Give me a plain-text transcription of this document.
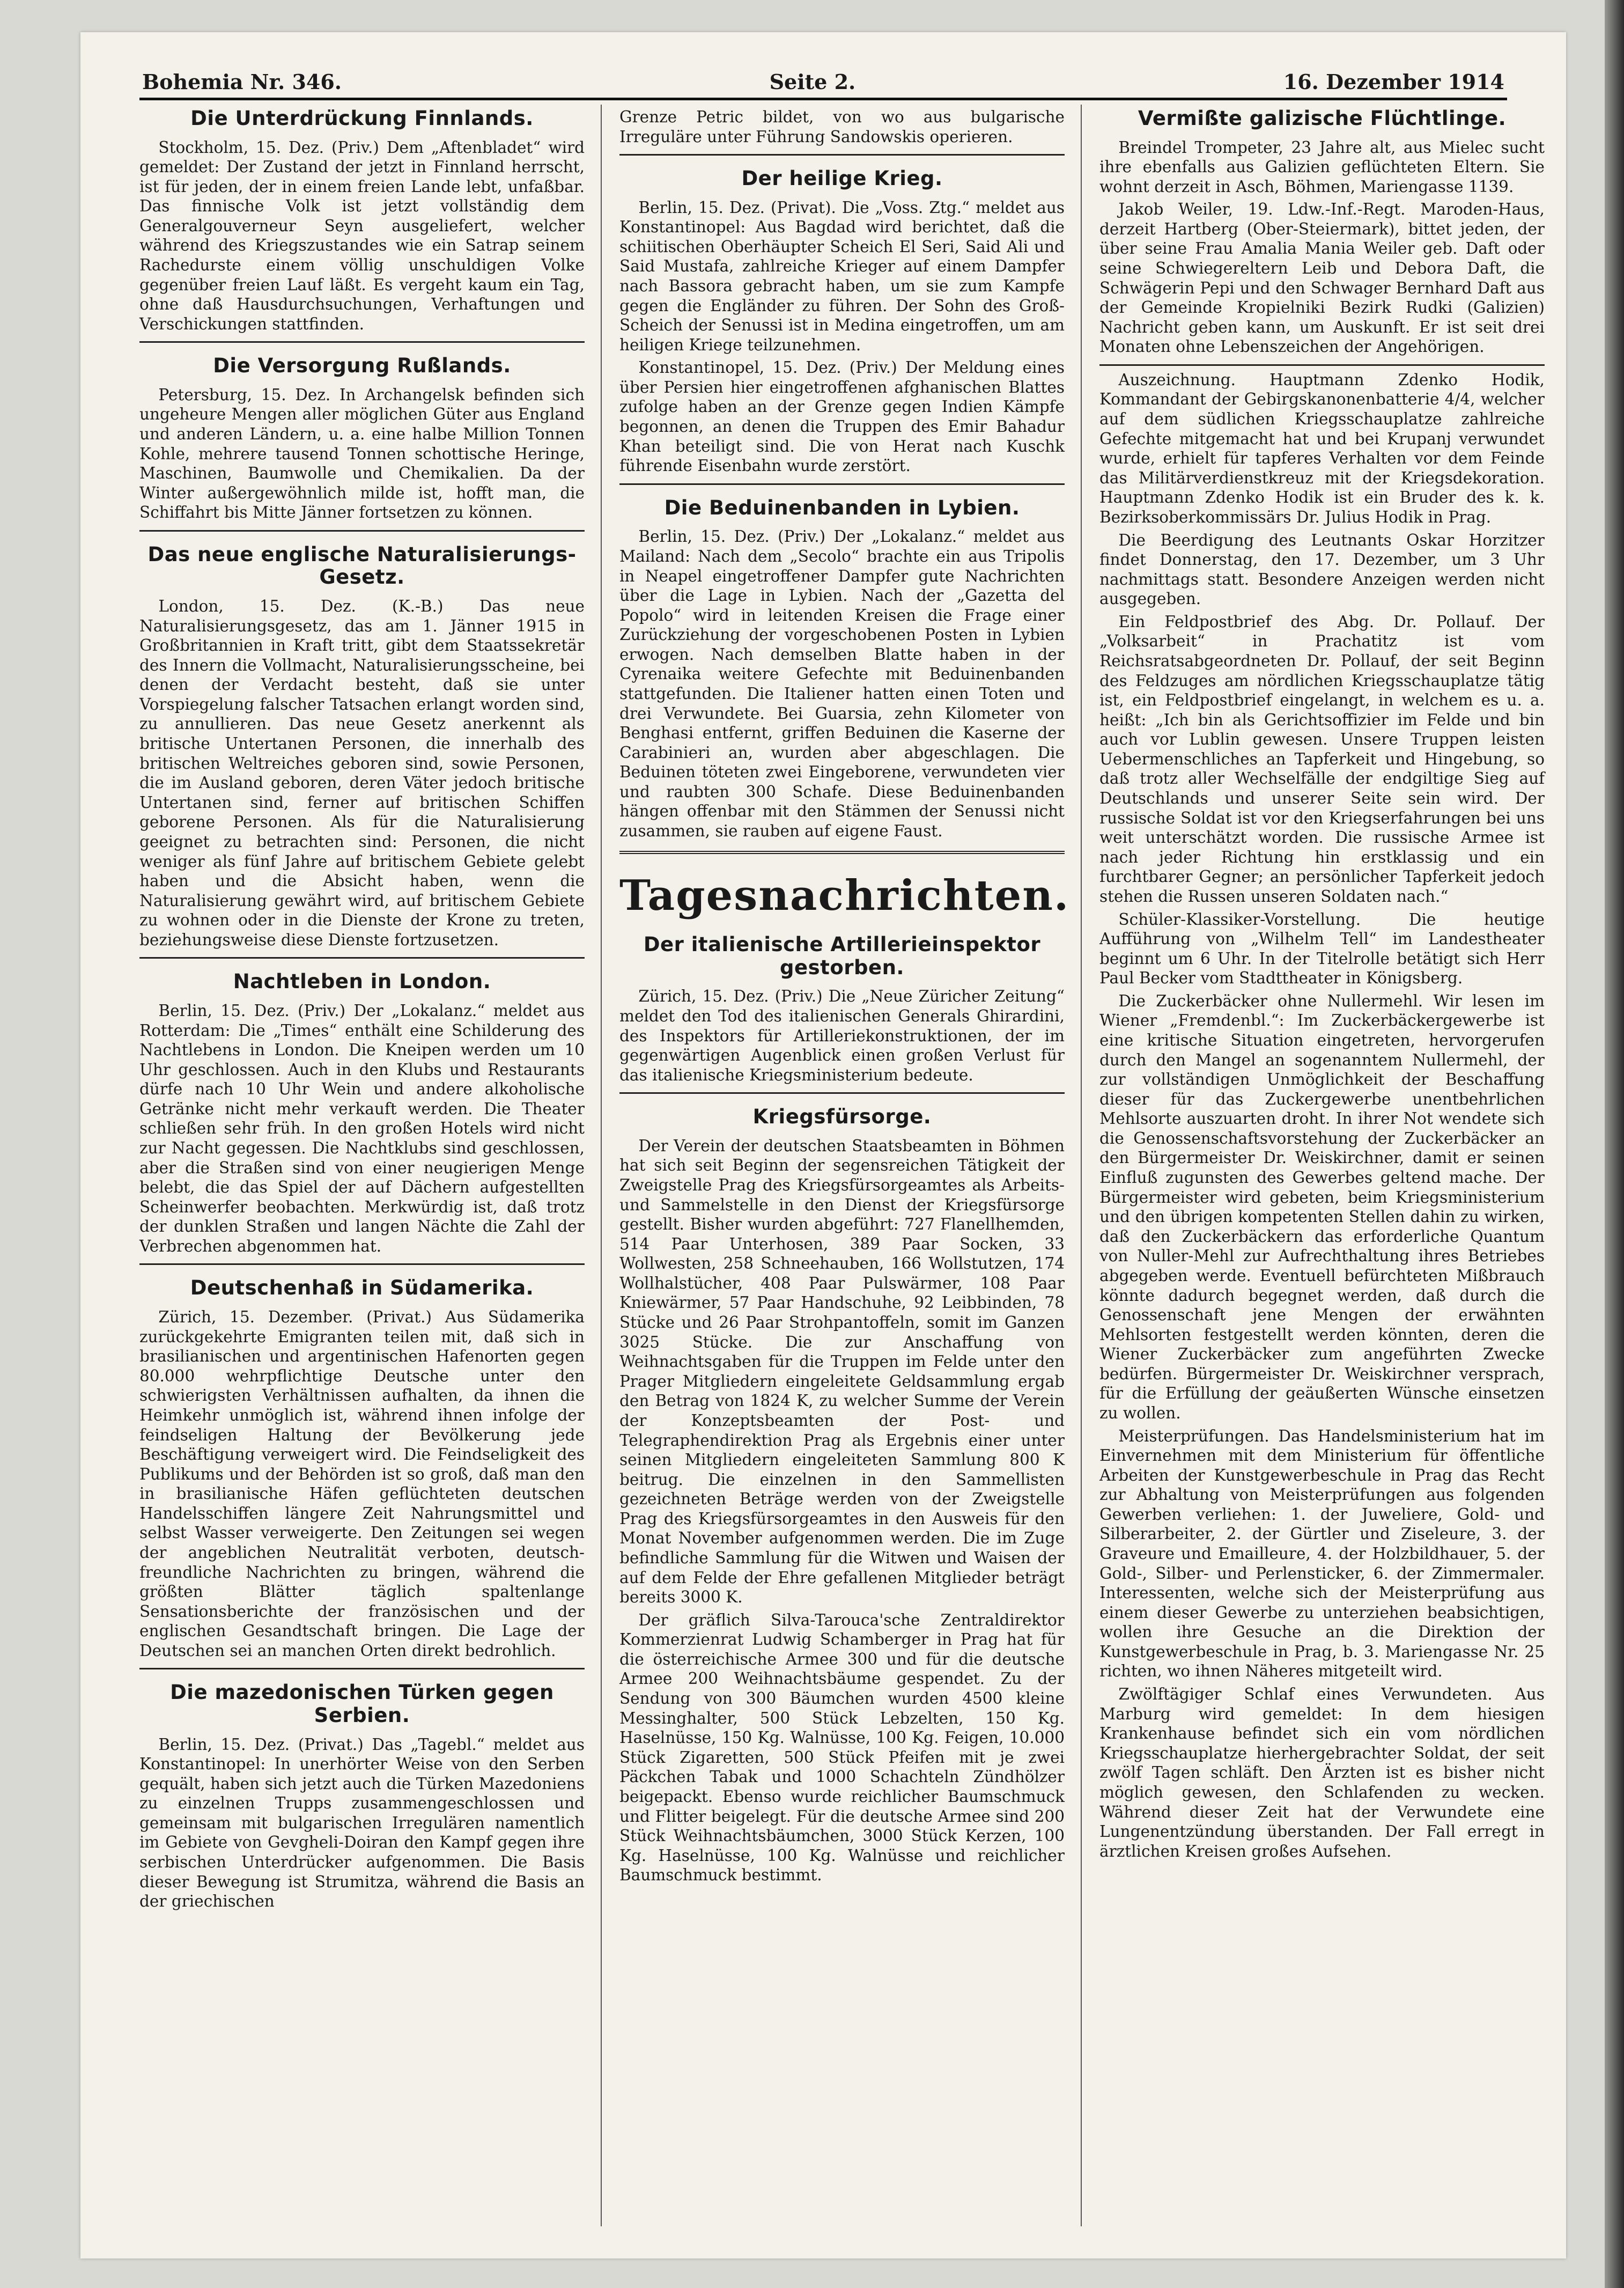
Bohemia Nr. 346.	Seite 2.	16. Dezember 1914
Die Unterdrückung Finnlands.

Stockholm, 15. Dez. (Priv.) Dem „Aftenbladet“ wird gemeldet: Der Zustand der jetzt in Finnland herrscht, ist für jeden, der in einem freien Lande lebt, unfaßbar. Das finnische Volk ist jetzt vollständig dem Generalgouverneur Seyn ausgeliefert, welcher während des Kriegszustandes wie ein Satrap seinem Rachedurste einem völlig unschuldigen Volke gegenüber freien Lauf läßt. Es vergeht kaum ein Tag, ohne daß Hausdurchsuchungen, Verhaftungen und Verschickungen stattfinden.

Die Versorgung Rußlands.

Petersburg, 15. Dez. In Archangelsk befinden sich ungeheure Mengen aller möglichen Güter aus England und anderen Ländern, u. a. eine halbe Million Tonnen Kohle, mehrere tausend Tonnen schottische Heringe, Maschinen, Baumwolle und Chemikalien. Da der Winter außergewöhnlich milde ist, hofft man, die Schiffahrt bis Mitte Jänner fortsetzen zu können.

Das neue englische Naturalisierungs-Gesetz.

London, 15. Dez. (K.-B.) Das neue Naturalisierungsgesetz, das am 1. Jänner 1915 in Großbritannien in Kraft tritt, gibt dem Staatssekretär des Innern die Vollmacht, Naturalisierungsscheine, bei denen der Verdacht besteht, daß sie unter Vorspiegelung falscher Tatsachen erlangt worden sind, zu annullieren. Das neue Gesetz anerkennt als britische Untertanen Personen, die innerhalb des britischen Weltreiches geboren sind, sowie Personen, die im Ausland geboren, deren Väter jedoch britische Untertanen sind, ferner auf britischen Schiffen geborene Personen. Als für die Naturalisierung geeignet zu betrachten sind: Personen, die nicht weniger als fünf Jahre auf britischem Gebiete gelebt haben und die Absicht haben, wenn die Naturalisierung gewährt wird, auf britischem Gebiete zu wohnen oder in die Dienste der Krone zu treten, beziehungsweise diese Dienste fortzusetzen.

Nachtleben in London.

Berlin, 15. Dez. (Priv.) Der „Lokalanz.“ meldet aus Rotterdam: Die „Times“ enthält eine Schilderung des Nachtlebens in London. Die Kneipen werden um 10 Uhr geschlossen. Auch in den Klubs und Restaurants dürfe nach 10 Uhr Wein und andere alkoholische Getränke nicht mehr verkauft werden. Die Theater schließen sehr früh. In den großen Hotels wird nicht zur Nacht gegessen. Die Nachtklubs sind geschlossen, aber die Straßen sind von einer neugierigen Menge belebt, die das Spiel der auf Dächern aufgestellten Scheinwerfer beobachten. Merkwürdig ist, daß trotz der dunklen Straßen und langen Nächte die Zahl der Verbrechen abgenommen hat.

Deutschenhaß in Südamerika.

Zürich, 15. Dezember. (Privat.) Aus Südamerika zurückgekehrte Emigranten teilen mit, daß sich in brasilianischen und argentinischen Hafenorten gegen 80.000 wehrpflichtige Deutsche unter den schwierigsten Verhältnissen aufhalten, da ihnen die Heimkehr unmöglich ist, während ihnen infolge der feindseligen Haltung der Bevölkerung jede Beschäftigung verweigert wird. Die Feindseligkeit des Publikums und der Behörden ist so groß, daß man den in brasilianische Häfen geflüchteten deutschen Handelsschiffen längere Zeit Nahrungsmittel und selbst Wasser verweigerte. Den Zeitungen sei wegen der angeblichen Neutralität verboten, deutsch-freundliche Nachrichten zu bringen, während die größten Blätter täglich spaltenlange Sensationsberichte der französischen und der englischen Gesandtschaft bringen. Die Lage der Deutschen sei an manchen Orten direkt bedrohlich.

Die mazedonischen Türken gegen Serbien.

Berlin, 15. Dez. (Privat.) Das „Tagebl.“ meldet aus Konstantinopel: In unerhörter Weise von den Serben gequält, haben sich jetzt auch die Türken Mazedoniens zu einzelnen Trupps zusammengeschlossen und gemeinsam mit bulgarischen Irregulären namentlich im Gebiete von Gevgheli-Doiran den Kampf gegen ihre serbischen Unterdrücker aufgenommen. Die Basis dieser Bewegung ist Strumitza, während die Basis an der griechischen

Grenze Petric bildet, von wo aus bulgarische Irreguläre unter Führung Sandowskis operieren.

Der heilige Krieg.

Berlin, 15. Dez. (Privat). Die „Voss. Ztg.“ meldet aus Konstantinopel: Aus Bagdad wird berichtet, daß die schiitischen Oberhäupter Scheich El Seri, Said Ali und Said Mustafa, zahlreiche Krieger auf einem Dampfer nach Bassora gebracht haben, um sie zum Kampfe gegen die Engländer zu führen. Der Sohn des Groß-Scheich der Senussi ist in Medina eingetroffen, um am heiligen Kriege teilzunehmen.

Konstantinopel, 15. Dez. (Priv.) Der Meldung eines über Persien hier eingetroffenen afghanischen Blattes zufolge haben an der Grenze gegen Indien Kämpfe begonnen, an denen die Truppen des Emir Bahadur Khan beteiligt sind. Die von Herat nach Kuschk führende Eisenbahn wurde zerstört.

Die Beduinenbanden in Lybien.

Berlin, 15. Dez. (Priv.) Der „Lokalanz.“ meldet aus Mailand: Nach dem „Secolo“ brachte ein aus Tripolis in Neapel eingetroffener Dampfer gute Nachrichten über die Lage in Lybien. Nach der „Gazetta del Popolo“ wird in leitenden Kreisen die Frage einer Zurückziehung der vorgeschobenen Posten in Lybien erwogen. Nach demselben Blatte haben in der Cyrenaika weitere Gefechte mit Beduinenbanden stattgefunden. Die Italiener hatten einen Toten und drei Verwundete. Bei Guarsia, zehn Kilometer von Benghasi entfernt, griffen Beduinen die Kaserne der Carabinieri an, wurden aber abgeschlagen. Die Beduinen töteten zwei Eingeborene, verwundeten vier und raubten 300 Schafe. Diese Beduinenbanden hängen offenbar mit den Stämmen der Senussi nicht zusammen, sie rauben auf eigene Faust.

Tagesnachrichten.
Der italienische Artillerieinspektor gestorben.

Zürich, 15. Dez. (Priv.) Die „Neue Züricher Zeitung“ meldet den Tod des italienischen Generals Ghirardini, des Inspektors für Artilleriekonstruktionen, der im gegenwärtigen Augenblick einen großen Verlust für das italienische Kriegsministerium bedeute.

Kriegsfürsorge.

Der Verein der deutschen Staatsbeamten in Böhmen hat sich seit Beginn der segensreichen Tätigkeit der Zweigstelle Prag des Kriegsfürsorgeamtes als Arbeits- und Sammelstelle in den Dienst der Kriegsfürsorge gestellt. Bisher wurden abgeführt: 727 Flanellhemden, 514 Paar Unterhosen, 389 Paar Socken, 33 Wollwesten, 258 Schneehauben, 166 Wollstutzen, 174 Wollhalstücher, 408 Paar Pulswärmer, 108 Paar Kniewärmer, 57 Paar Handschuhe, 92 Leibbinden, 78 Stücke und 26 Paar Strohpantoffeln, somit im Ganzen 3025 Stücke. Die zur Anschaffung von Weihnachtsgaben für die Truppen im Felde unter den Prager Mitgliedern eingeleitete Geldsammlung ergab den Betrag von 1824 K, zu welcher Summe der Verein der Konzeptsbeamten der Post- und Telegraphendirektion Prag als Ergebnis einer unter seinen Mitgliedern eingeleiteten Sammlung 800 K beitrug. Die einzelnen in den Sammellisten gezeichneten Beträge werden von der Zweigstelle Prag des Kriegsfürsorgeamtes in den Ausweis für den Monat November aufgenommen werden. Die im Zuge befindliche Sammlung für die Witwen und Waisen der auf dem Felde der Ehre gefallenen Mitglieder beträgt bereits 3000 K.

Der gräflich Silva-Tarouca'sche Zentraldirektor Kommerzienrat Ludwig Schamberger in Prag hat für die österreichische Armee 300 und für die deutsche Armee 200 Weihnachtsbäume gespendet. Zu der Sendung von 300 Bäumchen wurden 4500 kleine Messinghalter, 500 Stück Lebzelten, 150 Kg. Haselnüsse, 150 Kg. Walnüsse, 100 Kg. Feigen, 10.000 Stück Zigaretten, 500 Stück Pfeifen mit je zwei Päckchen Tabak und 1000 Schachteln Zündhölzer beigepackt. Ebenso wurde reichlicher Baumschmuck und Flitter beigelegt. Für die deutsche Armee sind 200 Stück Weihnachtsbäumchen, 3000 Stück Kerzen, 100 Kg. Haselnüsse, 100 Kg. Walnüsse und reichlicher Baumschmuck bestimmt.

Vermißte galizische Flüchtlinge.

Breindel Trompeter, 23 Jahre alt, aus Mielec sucht ihre ebenfalls aus Galizien geflüchteten Eltern. Sie wohnt derzeit in Asch, Böhmen, Mariengasse 1139.

Jakob Weiler, 19. Ldw.-Inf.-Regt. Maroden-Haus, derzeit Hartberg (Ober-Steiermark), bittet jeden, der über seine Frau Amalia Mania Weiler geb. Daft oder seine Schwiegereltern Leib und Debora Daft, die Schwägerin Pepi und den Schwager Bernhard Daft aus der Gemeinde Kropielniki Bezirk Rudki (Galizien) Nachricht geben kann, um Auskunft. Er ist seit drei Monaten ohne Lebenszeichen der Angehörigen.

Auszeichnung. Hauptmann Zdenko Hodik, Kommandant der Gebirgskanonenbatterie 4/4, welcher auf dem südlichen Kriegsschauplatze zahlreiche Gefechte mitgemacht hat und bei Krupanj verwundet wurde, erhielt für tapferes Verhalten vor dem Feinde das Militärverdienstkreuz mit der Kriegsdekoration. Hauptmann Zdenko Hodik ist ein Bruder des k. k. Bezirksoberkommissärs Dr. Julius Hodik in Prag.

Die Beerdigung des Leutnants Oskar Horzitzer findet Donnerstag, den 17. Dezember, um 3 Uhr nachmittags statt. Besondere Anzeigen werden nicht ausgegeben.

Ein Feldpostbrief des Abg. Dr. Pollauf. Der „Volksarbeit“ in Prachatitz ist vom Reichsratsabgeordneten Dr. Pollauf, der seit Beginn des Feldzuges am nördlichen Kriegsschauplatze tätig ist, ein Feldpostbrief eingelangt, in welchem es u. a. heißt: „Ich bin als Gerichtsoffizier im Felde und bin auch vor Lublin gewesen. Unsere Truppen leisten Uebermenschliches an Tapferkeit und Hingebung, so daß trotz aller Wechselfälle der endgiltige Sieg auf Deutschlands und unserer Seite sein wird. Der russische Soldat ist vor den Kriegserfahrungen bei uns weit unterschätzt worden. Die russische Armee ist nach jeder Richtung hin erstklassig und ein furchtbarer Gegner; an persönlicher Tapferkeit jedoch stehen die Russen unseren Soldaten nach.“

Schüler-Klassiker-Vorstellung. Die heutige Aufführung von „Wilhelm Tell“ im Landestheater beginnt um 6 Uhr. In der Titelrolle betätigt sich Herr Paul Becker vom Stadttheater in Königsberg.

Die Zuckerbäcker ohne Nullermehl. Wir lesen im Wiener „Fremdenbl.“: Im Zuckerbäckergewerbe ist eine kritische Situation eingetreten, hervorgerufen durch den Mangel an sogenanntem Nullermehl, der zur vollständigen Unmöglichkeit der Beschaffung dieser für das Zuckergewerbe unentbehrlichen Mehlsorte auszuarten droht. In ihrer Not wendete sich die Genossenschaftsvorstehung der Zuckerbäcker an den Bürgermeister Dr. Weiskirchner, damit er seinen Einfluß zugunsten des Gewerbes geltend mache. Der Bürgermeister wird gebeten, beim Kriegsministerium und den übrigen kompetenten Stellen dahin zu wirken, daß den Zuckerbäckern das erforderliche Quantum von Nuller-Mehl zur Aufrechthaltung ihres Betriebes abgegeben werde. Eventuell befürchteten Mißbrauch könnte dadurch begegnet werden, daß durch die Genossenschaft jene Mengen der erwähnten Mehlsorten festgestellt werden könnten, deren die Wiener Zuckerbäcker zum angeführten Zwecke bedürfen. Bürgermeister Dr. Weiskirchner versprach, für die Erfüllung der geäußerten Wünsche einsetzen zu wollen.

Meisterprüfungen. Das Handelsministerium hat im Einvernehmen mit dem Ministerium für öffentliche Arbeiten der Kunstgewerbeschule in Prag das Recht zur Abhaltung von Meisterprüfungen aus folgenden Gewerben verliehen: 1. der Juweliere, Gold- und Silberarbeiter, 2. der Gürtler und Ziseleure, 3. der Graveure und Emailleure, 4. der Holzbildhauer, 5. der Gold-, Silber- und Perlensticker, 6. der Zimmermaler. Interessenten, welche sich der Meisterprüfung aus einem dieser Gewerbe zu unterziehen beabsichtigen, wollen ihre Gesuche an die Direktion der Kunstgewerbeschule in Prag, b. 3. Mariengasse Nr. 25 richten, wo ihnen Näheres mitgeteilt wird.

Zwölftägiger Schlaf eines Verwundeten. Aus Marburg wird gemeldet: In dem hiesigen Krankenhause befindet sich ein vom nördlichen Kriegsschauplatze hierhergebrachter Soldat, der seit zwölf Tagen schläft. Den Ärzten ist es bisher nicht möglich gewesen, den Schlafenden zu wecken. Während dieser Zeit hat der Verwundete eine Lungenentzündung überstanden. Der Fall erregt in ärztlichen Kreisen großes Aufsehen.
